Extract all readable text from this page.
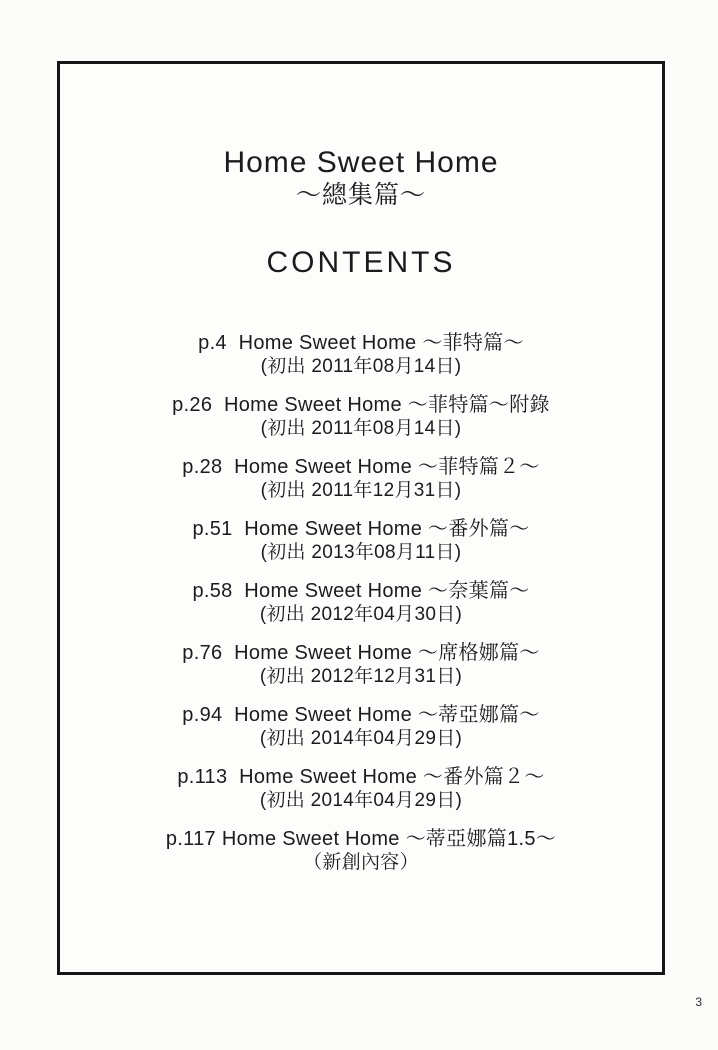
Home Sweet Home
～總集篇～
CONTENTS
p.4  Home Sweet Home ～菲特篇～
(初出 2011年08月14日)
p.26  Home Sweet Home ～菲特篇～附錄
(初出 2011年08月14日)
p.28  Home Sweet Home ～菲特篇２～
(初出 2011年12月31日)
p.51  Home Sweet Home ～番外篇～
(初出 2013年08月11日)
p.58  Home Sweet Home ～奈葉篇～
(初出 2012年04月30日)
p.76  Home Sweet Home ～席格娜篇～
(初出 2012年12月31日)
p.94  Home Sweet Home ～蒂亞娜篇～
(初出 2014年04月29日)
p.113  Home Sweet Home ～番外篇２～
(初出 2014年04月29日)
p.117 Home Sweet Home ～蒂亞娜篇1.5～
（新創內容）
3
